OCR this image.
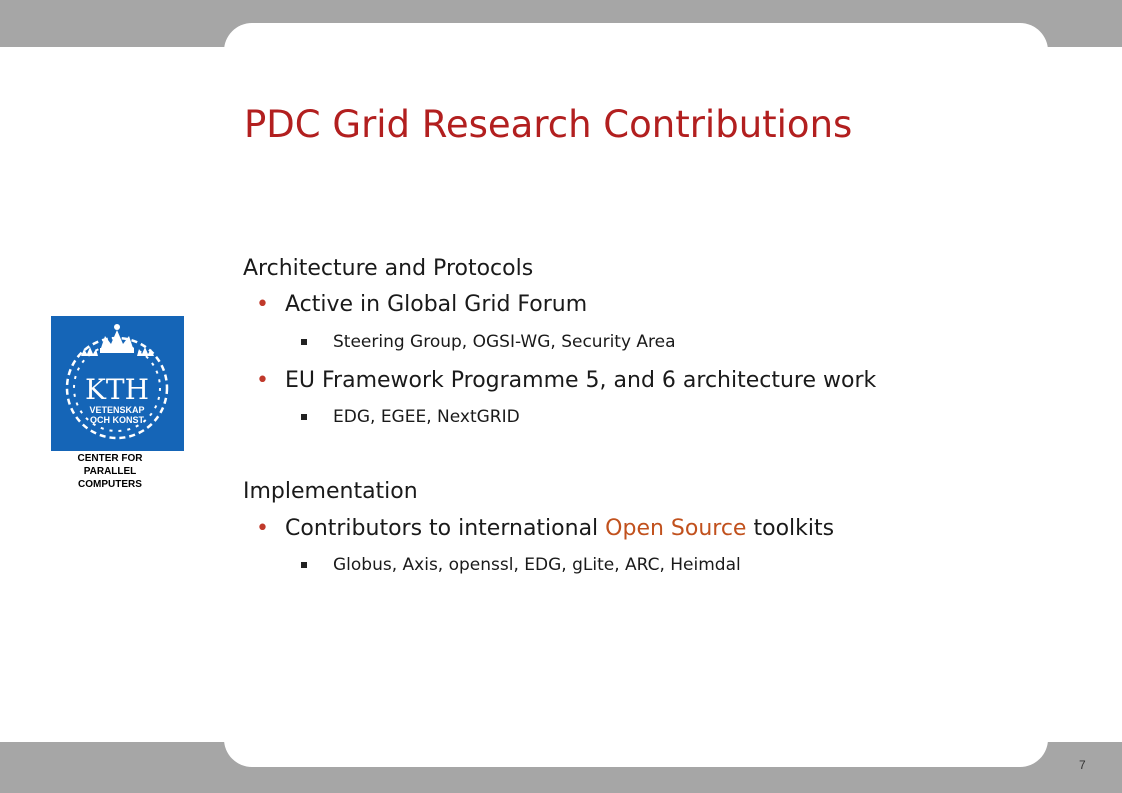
PDC Grid Research Contributions
KTH
VETENSKAP
OCH KONST
CENTER FOR PARALLEL COMPUTERS
Architecture and Protocols
• Active in Global Grid Forum
Steering Group, OGSI-WG, Security Area
• EU Framework Programme 5, and 6 architecture work
EDG, EGEE, NextGRID
Implementation
• Contributors to international Open Source toolkits
Globus, Axis, openssl, EDG, gLite, ARC, Heimdal
7
